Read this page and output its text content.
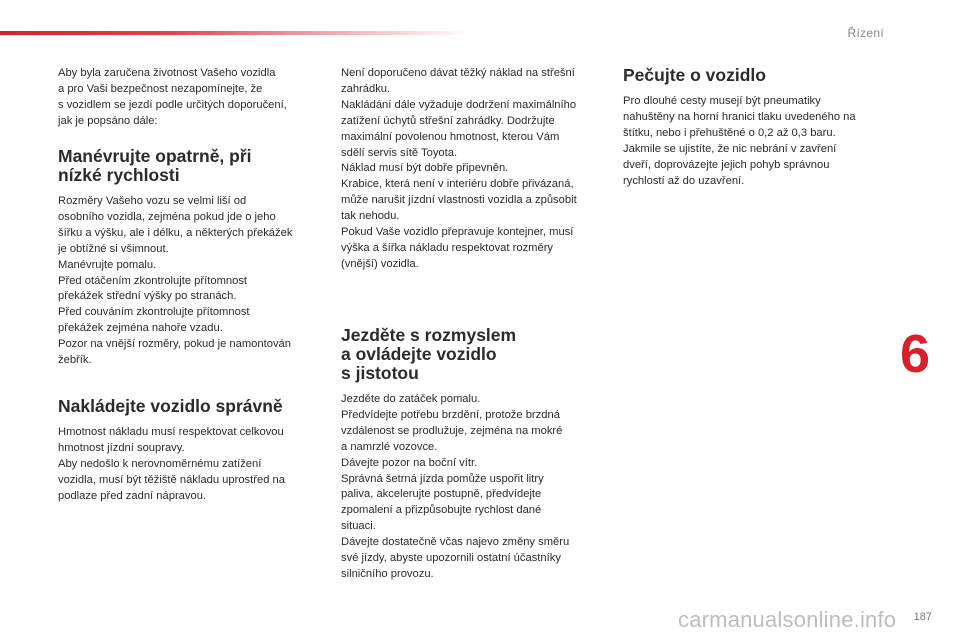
Řízení
6

Aby byla zaručena životnost Vašeho vozidla
a pro Vaši bezpečnost nezapomínejte, že
s vozidlem se jezdí podle určitých doporučení,
jak je popsáno dále:

Manévrujte opatrně, při
nízké rychlosti

Rozměry Vašeho vozu se velmi liší od
osobního vozidla, zejména pokud jde o jeho
šířku a výšku, ale i délku, a některých překážek
je obtížné si všimnout.
Manévrujte pomalu.
Před otáčením zkontrolujte přítomnost
překážek střední výšky po stranách.
Před couváním zkontrolujte přítomnost
překážek zejména nahoře vzadu.
Pozor na vnější rozměry, pokud je namontován
žebřík.

Nakládejte vozidlo správně

Hmotnost nákladu musí respektovat celkovou
hmotnost jízdní soupravy.
Aby nedošlo k nerovnoměrnému zatížení
vozidla, musí být těžiště nákladu uprostřed na
podlaze před zadní nápravou.

Není doporučeno dávat těžký náklad na střešní
zahrádku.
Nakládání dále vyžaduje dodržení maximálního
zatížení úchytů střešní zahrádky. Dodržujte
maximální povolenou hmotnost, kterou Vám
sdělí servis sítě Toyota.
Náklad musí být dobře připevněn.
Krabice, která není v interiéru dobře přivázaná,
může narušit jízdní vlastnosti vozidla a způsobit
tak nehodu.
Pokud Vaše vozidlo přepravuje kontejner, musí
výška a šířka nákladu respektovat rozměry
(vnější) vozidla.

Jezděte s rozmyslem
a ovládejte vozidlo
s jistotou

Jezděte do zatáček pomalu.
Předvídejte potřebu brzdění, protože brzdná
vzdálenost se prodlužuje, zejména na mokré
a namrzlé vozovce.
Dávejte pozor na boční vítr.
Správná šetrná jízda pomůže uspořit litry
paliva, akcelerujte postupně, předvídejte
zpomalení a přizpůsobujte rychlost dané
situaci.
Dávejte dostatečně včas najevo změny směru
své jízdy, abyste upozornili ostatní účastníky
silničního provozu.

Pečujte o vozidlo

Pro dlouhé cesty musejí být pneumatiky
nahuštěny na horní hranici tlaku uvedeného na
štítku, nebo i přehuštěné o 0,2 až 0,3 baru.
Jakmile se ujistíte, že nic nebrání v zavření
dveří, doprovázejte jejich pohyb správnou
rychlostí až do uzavření.

carmanualsonline.info 187
